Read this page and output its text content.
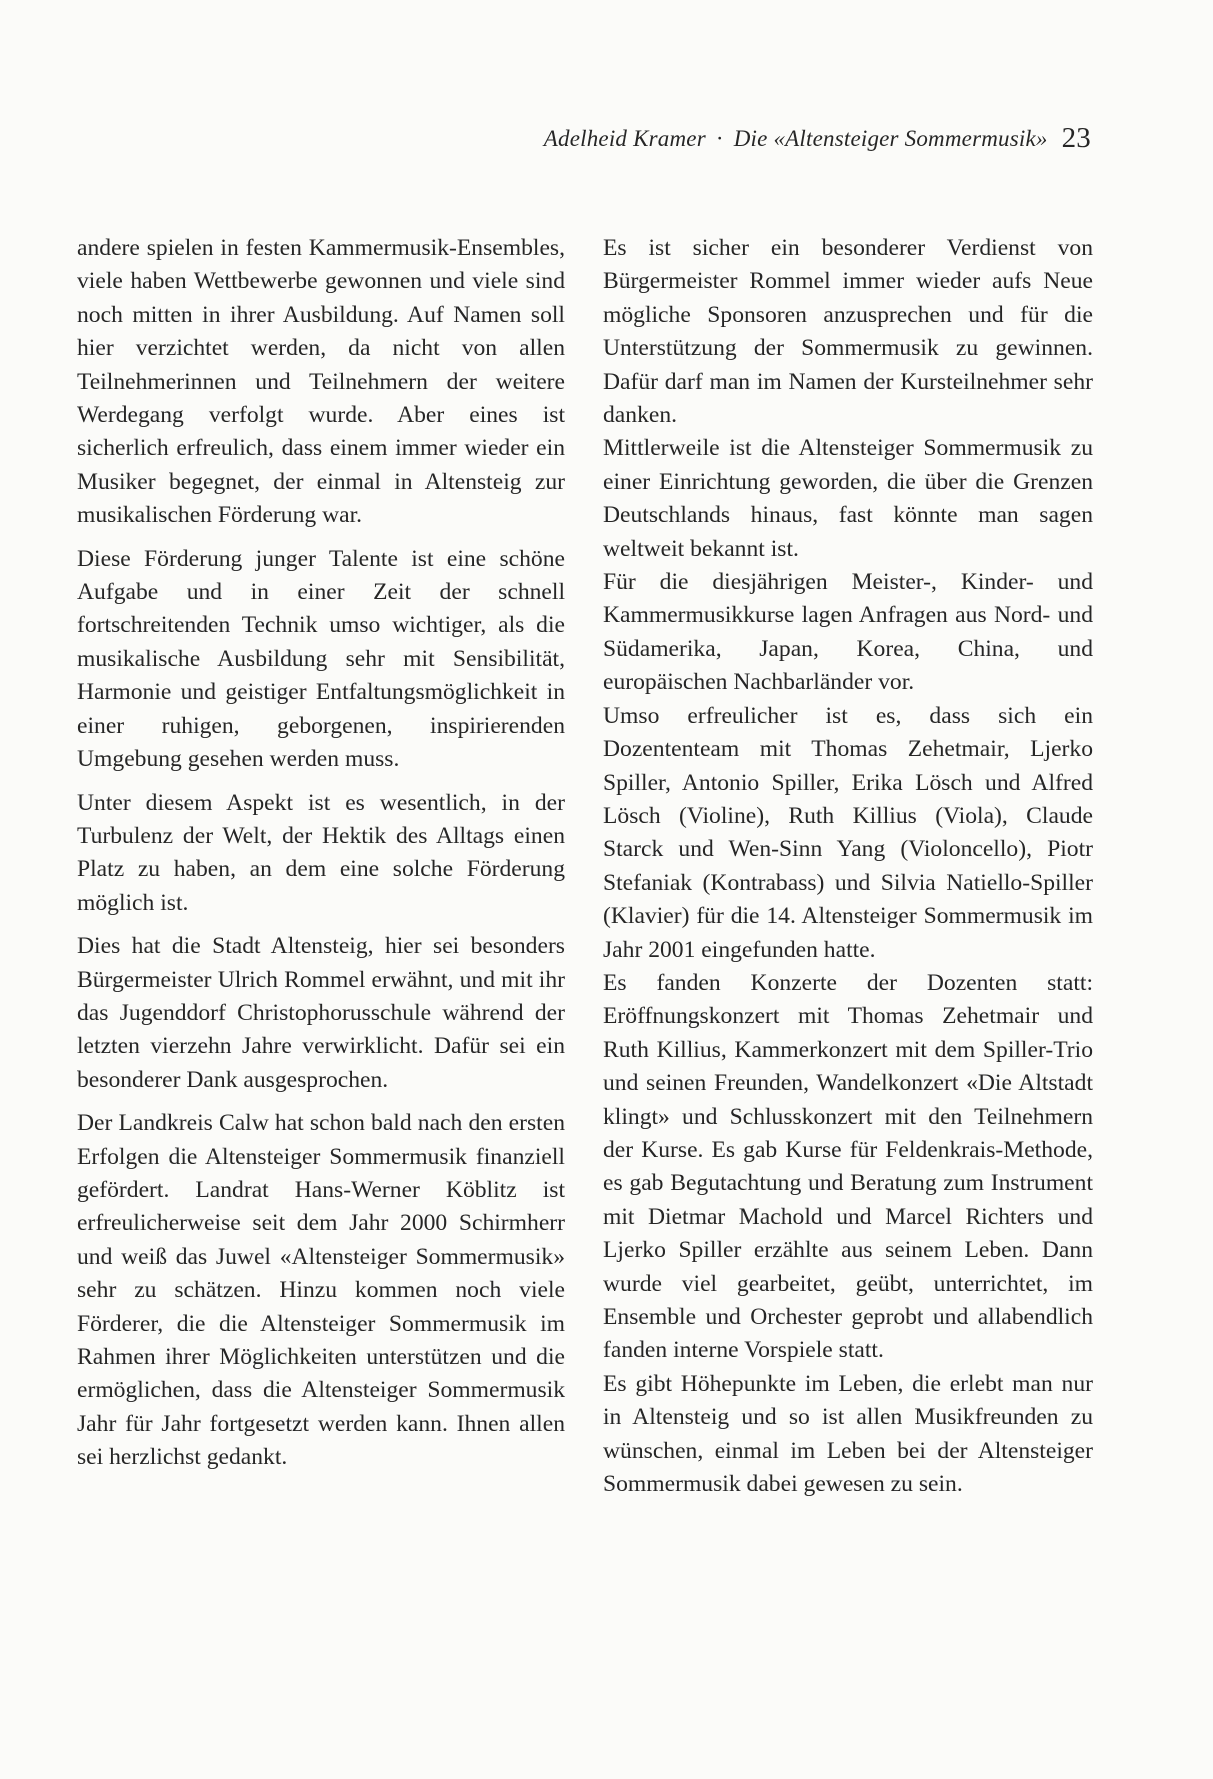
Adelheid Kramer · Die «Altensteiger Sommermusik» 23

andere spielen in festen Kammermusik-Ensembles, viele haben Wettbewerbe gewonnen und viele sind noch mitten in ihrer Ausbildung. Auf Namen soll hier verzichtet werden, da nicht von allen Teilnehmerinnen und Teilnehmern der weitere Werdegang verfolgt wurde. Aber eines ist sicherlich erfreulich, dass einem immer wieder ein Musiker begegnet, der einmal in Altensteig zur musikalischen Förderung war.

Diese Förderung junger Talente ist eine schöne Aufgabe und in einer Zeit der schnell fortschreitenden Technik umso wichtiger, als die musikalische Ausbildung sehr mit Sensibilität, Harmonie und geistiger Entfaltungsmöglichkeit in einer ruhigen, geborgenen, inspirierenden Umgebung gesehen werden muss.

Unter diesem Aspekt ist es wesentlich, in der Turbulenz der Welt, der Hektik des Alltags einen Platz zu haben, an dem eine solche Förderung möglich ist.

Dies hat die Stadt Altensteig, hier sei besonders Bürgermeister Ulrich Rommel erwähnt, und mit ihr das Jugenddorf Christophorusschule während der letzten vierzehn Jahre verwirklicht. Dafür sei ein besonderer Dank ausgesprochen.

Der Landkreis Calw hat schon bald nach den ersten Erfolgen die Altensteiger Sommermusik finanziell gefördert. Landrat Hans-Werner Köblitz ist erfreulicherweise seit dem Jahr 2000 Schirmherr und weiß das Juwel «Altensteiger Sommermusik» sehr zu schätzen. Hinzu kommen noch viele Förderer, die die Altensteiger Sommermusik im Rahmen ihrer Möglichkeiten unterstützen und die ermöglichen, dass die Altensteiger Sommermusik Jahr für Jahr fortgesetzt werden kann. Ihnen allen sei herzlichst gedankt.

Es ist sicher ein besonderer Verdienst von Bürgermeister Rommel immer wieder aufs Neue mögliche Sponsoren anzusprechen und für die Unterstützung der Sommermusik zu gewinnen. Dafür darf man im Namen der Kursteilnehmer sehr danken.

Mittlerweile ist die Altensteiger Sommermusik zu einer Einrichtung geworden, die über die Grenzen Deutschlands hinaus, fast könnte man sagen weltweit bekannt ist.

Für die diesjährigen Meister-, Kinder- und Kammermusikkurse lagen Anfragen aus Nord- und Südamerika, Japan, Korea, China, und europäischen Nachbarländer vor.

Umso erfreulicher ist es, dass sich ein Dozententeam mit Thomas Zehetmair, Ljerko Spiller, Antonio Spiller, Erika Lösch und Alfred Lösch (Violine), Ruth Killius (Viola), Claude Starck und Wen-Sinn Yang (Violoncello), Piotr Stefaniak (Kontrabass) und Silvia Natiello-Spiller (Klavier) für die 14. Altensteiger Sommermusik im Jahr 2001 eingefunden hatte.

Es fanden Konzerte der Dozenten statt: Eröffnungskonzert mit Thomas Zehetmair und Ruth Killius, Kammerkonzert mit dem Spiller-Trio und seinen Freunden, Wandelkonzert «Die Altstadt klingt» und Schlusskonzert mit den Teilnehmern der Kurse. Es gab Kurse für Feldenkrais-Methode, es gab Begutachtung und Beratung zum Instrument mit Dietmar Machold und Marcel Richters und Ljerko Spiller erzählte aus seinem Leben. Dann wurde viel gearbeitet, geübt, unterrichtet, im Ensemble und Orchester geprobt und allabendlich fanden interne Vorspiele statt.

Es gibt Höhepunkte im Leben, die erlebt man nur in Altensteig und so ist allen Musikfreunden zu wünschen, einmal im Leben bei der Altensteiger Sommermusik dabei gewesen zu sein.
